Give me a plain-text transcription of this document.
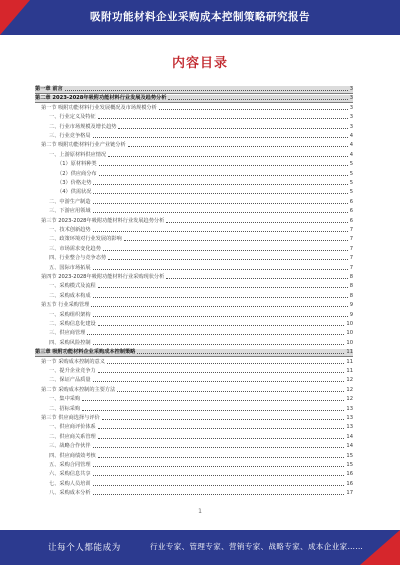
吸附功能材料企业采购成本控制策略研究报告
内容目录
第一章 前言	3
第二章 2023-2028年吸附功能材料行业发展及趋势分析	3
第一节 吸附功能材料行业发展概况及市场规模分析	3
一、行业定义及特征	3
二、行业市场规模及增长趋势	3
三、行业竞争格局	4
第二节 吸附功能材料行业产业链分析	4
一、上游原材料供应情况	4
（1）原材料种类	5
（2）供应商分布	5
（3）价格走势	5
（4）供需状况	5
二、中游生产制造	6
三、下游应用领域	6
第三节 2023-2028年吸附功能材料行业发展趋势分析	6
一、技术创新趋势	7
二、政策环境对行业发展的影响	7
三、市场需求变化趋势	7
四、行业整合与竞争态势	7
五、国际市场拓展	7
第四节 2023-2028年吸附功能材料行业采购现状分析	8
一、采购模式及流程	8
二、采购成本构成	8
第五节 行业采购管理	9
一、采购组织架构	9
二、采购信息化建设	10
三、供应商管理	10
四、采购风险控制	10
第三章 吸附功能材料企业采购成本控制策略	11
第一节 采购成本控制的意义	11
一、提升企业竞争力	11
二、保证产品质量	12
第二节 采购成本控制的主要方法	12
一、集中采购	12
二、招标采购	13
第三节 供应商选择与评价	13
一、供应商评价体系	13
二、供应商关系管理	14
三、战略合作伙伴	14
四、供应商绩效考核	15
五、采购合同管理	15
六、采购信息共享	16
七、采购人员培训	16
八、采购成本分析	17
1
让每个人都能成为	行业专家、管理专家、营销专家、战略专家、成本企业家……
